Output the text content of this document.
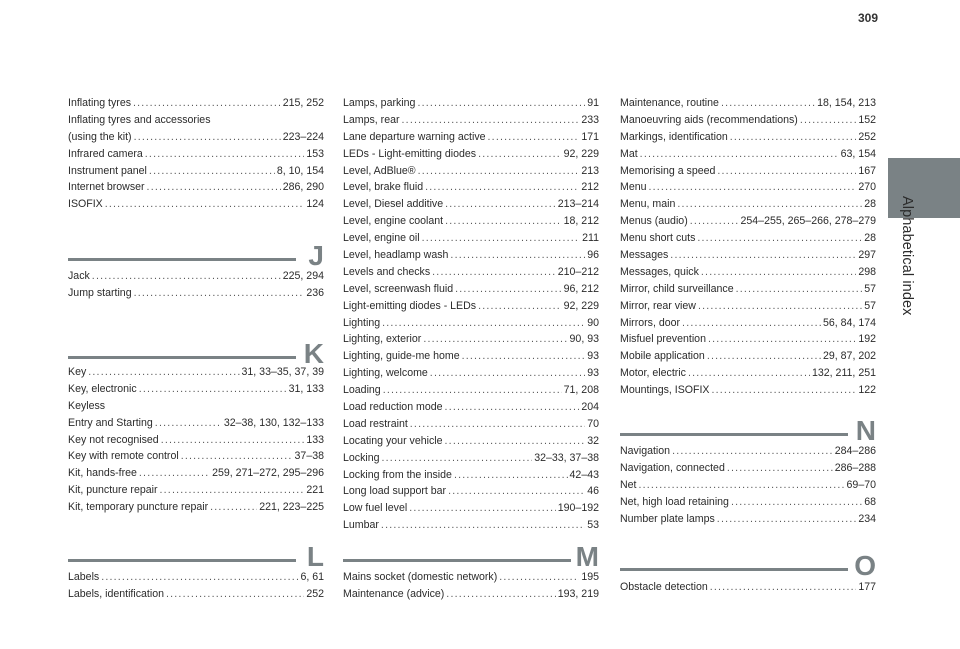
309
Alphabetical index
Inflating tyres .....	215, 252
Inflating tyres and accessories
(using the kit) .....	223–224
Infrared camera .....	153
Instrument panel .....	8, 10, 154
Internet browser .....	286, 290
ISOFIX .....	124
J
Jack .....	225, 294
Jump starting .....	236
K
Key .....	31, 33–35, 37, 39
Key, electronic .....	31, 133
Keyless
Entry and Starting .....	32–38, 130, 132–133
Key not recognised .....	133
Key with remote control .....	37–38
Kit, hands-free .....	259, 271–272, 295–296
Kit, puncture repair .....	221
Kit, temporary puncture repair .....	221, 223–225
L
Labels .....	6, 61
Labels, identification .....	252
Lamps, parking .....	91
Lamps, rear .....	233
Lane departure warning active .....	171
LEDs - Light-emitting diodes .....	92, 229
Level, AdBlue® .....	213
Level, brake fluid .....	212
Level, Diesel additive .....	213–214
Level, engine coolant .....	18, 212
Level, engine oil .....	211
Level, headlamp wash .....	96
Levels and checks .....	210–212
Level, screenwash fluid .....	96, 212
Light-emitting diodes - LEDs .....	92, 229
Lighting .....	90
Lighting, exterior .....	90, 93
Lighting, guide-me home .....	93
Lighting, welcome .....	93
Loading .....	71, 208
Load reduction mode .....	204
Load restraint .....	70
Locating your vehicle .....	32
Locking .....	32–33, 37–38
Locking from the inside .....	42–43
Long load support bar .....	46
Low fuel level .....	190–192
Lumbar .....	53
M
Mains socket (domestic network) .....	195
Maintenance (advice) .....	193, 219
Maintenance, routine .....	18, 154, 213
Manoeuvring aids (recommendations) .....	152
Markings, identification .....	252
Mat .....	63, 154
Memorising a speed .....	167
Menu .....	270
Menu, main .....	28
Menus (audio) .....	254–255, 265–266, 278–279
Menu short cuts .....	28
Messages .....	297
Messages, quick .....	298
Mirror, child surveillance .....	57
Mirror, rear view .....	57
Mirrors, door .....	56, 84, 174
Misfuel prevention .....	192
Mobile application .....	29, 87, 202
Motor, electric .....	132, 211, 251
Mountings, ISOFIX .....	122
N
Navigation .....	284–286
Navigation, connected .....	286–288
Net .....	69–70
Net, high load retaining .....	68
Number plate lamps .....	234
O
Obstacle detection .....	177
